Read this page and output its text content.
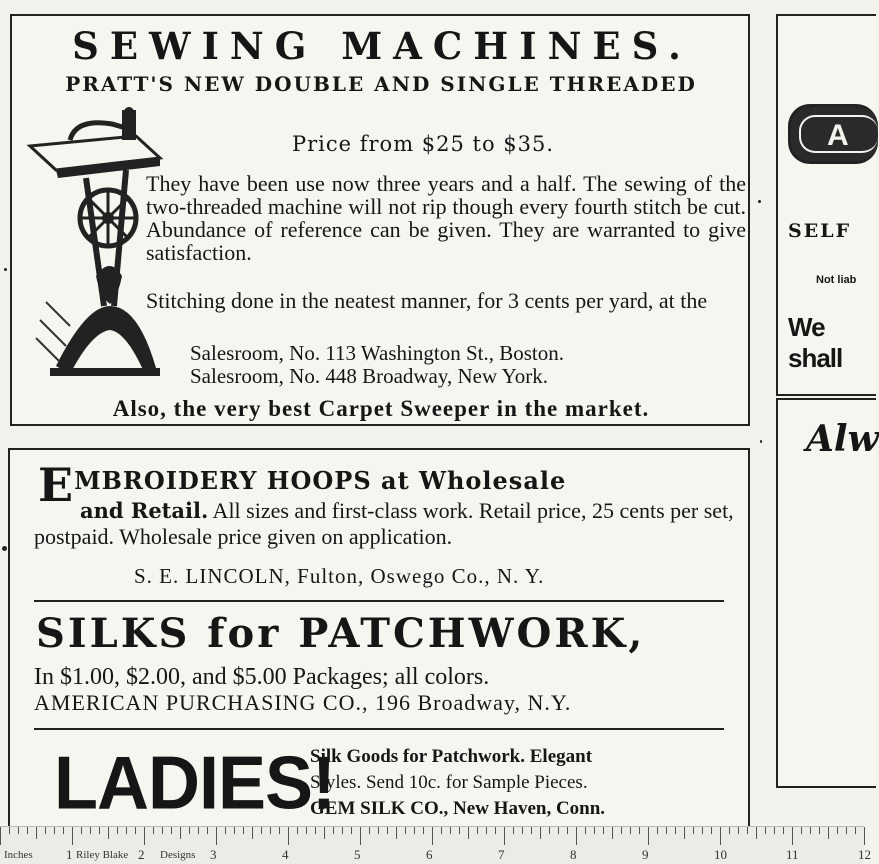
SEWING MACHINES.
PRATT'S NEW DOUBLE AND SINGLE THREADED
Price from $25 to $35.
They have been use now three years and a half. The sewing of the two-threaded machine will not rip though every fourth stitch be cut. Abundance of reference can be given. They are warranted to give satisfaction.
Stitching done in the neatest manner, for 3 cents per yard, at the
Salesroom, No. 113 Washington St., Boston.
Salesroom, No. 448 Broadway, New York.
Also, the very best Carpet Sweeper in the market.
EMBROIDERY HOOPS at Wholesale
and Retail. All sizes and first-class work. Retail price, 25 cents per set, postpaid. Wholesale price given on application.
S. E. LINCOLN, Fulton, Oswego Co., N. Y.
SILKS for PATCHWORK,
In $1.00, $2.00, and $5.00 Packages; all colors.
AMERICAN PURCHASING CO., 196 Broadway, N.Y.
LADIES!
Silk Goods for Patchwork. Elegant
Styles. Send 10c. for Sample Pieces.
GEM SILK CO., New Haven, Conn.
A
SELF
Not liab
We shall
Alw
Inches	Riley Blake	Designs
1	2	3	4	5	6	7	8	9	10	11	12
